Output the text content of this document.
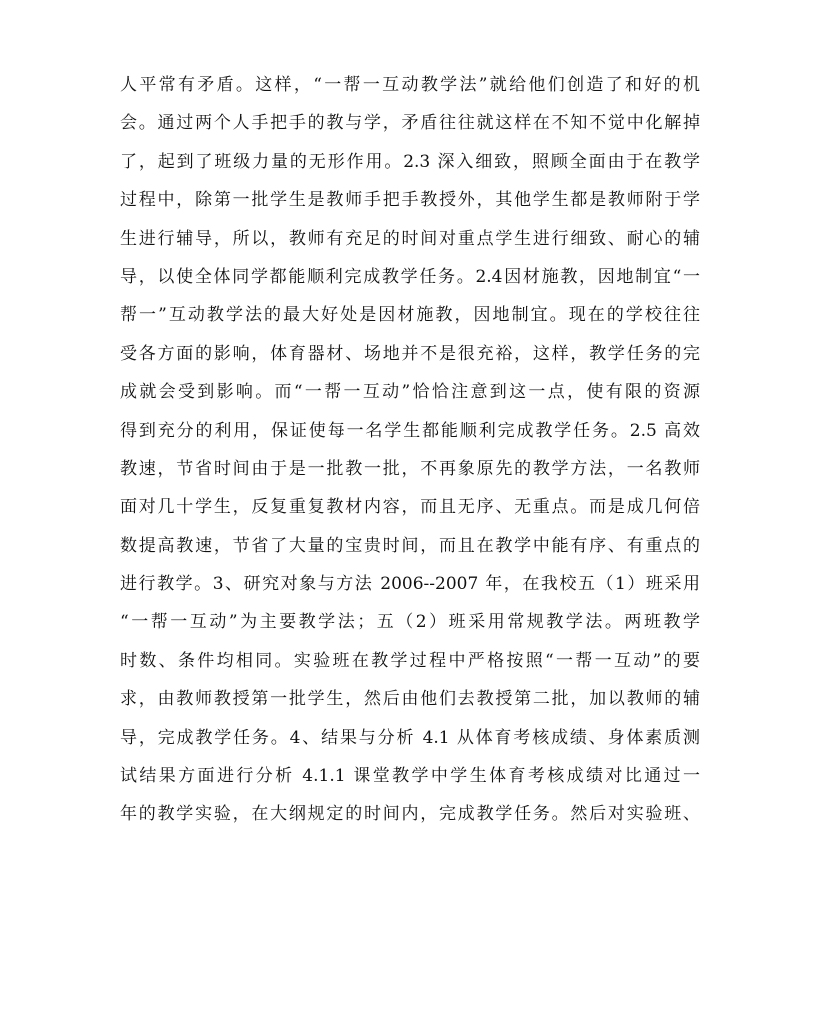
人平常有矛盾。这样，“一帮一互动教学法”就给他们创造了和好的机
会。通过两个人手把手的教与学，矛盾往往就这样在不知不觉中化解掉
了，起到了班级力量的无形作用。2.3 深入细致，照顾全面由于在教学
过程中，除第一批学生是教师手把手教授外，其他学生都是教师附于学
生进行辅导，所以，教师有充足的时间对重点学生进行细致、耐心的辅
导，以使全体同学都能顺利完成教学任务。2.4因材施教，因地制宜“一
帮一”互动教学法的最大好处是因材施教，因地制宜。现在的学校往往
受各方面的影响，体育器材、场地并不是很充裕，这样，教学任务的完
成就会受到影响。而“一帮一互动”恰恰注意到这一点，使有限的资源
得到充分的利用，保证使每一名学生都能顺利完成教学任务。2.5 高效
教速，节省时间由于是一批教一批，不再象原先的教学方法，一名教师
面对几十学生，反复重复教材内容，而且无序、无重点。而是成几何倍
数提高教速，节省了大量的宝贵时间，而且在教学中能有序、有重点的
进行教学。3、研究对象与方法 2006--2007 年，在我校五（1）班采用
“一帮一互动”为主要教学法；五（2）班采用常规教学法。两班教学
时数、条件均相同。实验班在教学过程中严格按照“一帮一互动”的要
求，由教师教授第一批学生，然后由他们去教授第二批，加以教师的辅
导，完成教学任务。4、结果与分析 4.1 从体育考核成绩、身体素质测
试结果方面进行分析 4.1.1 课堂教学中学生体育考核成绩对比通过一
年的教学实验，在大纲规定的时间内，完成教学任务。然后对实验班、
